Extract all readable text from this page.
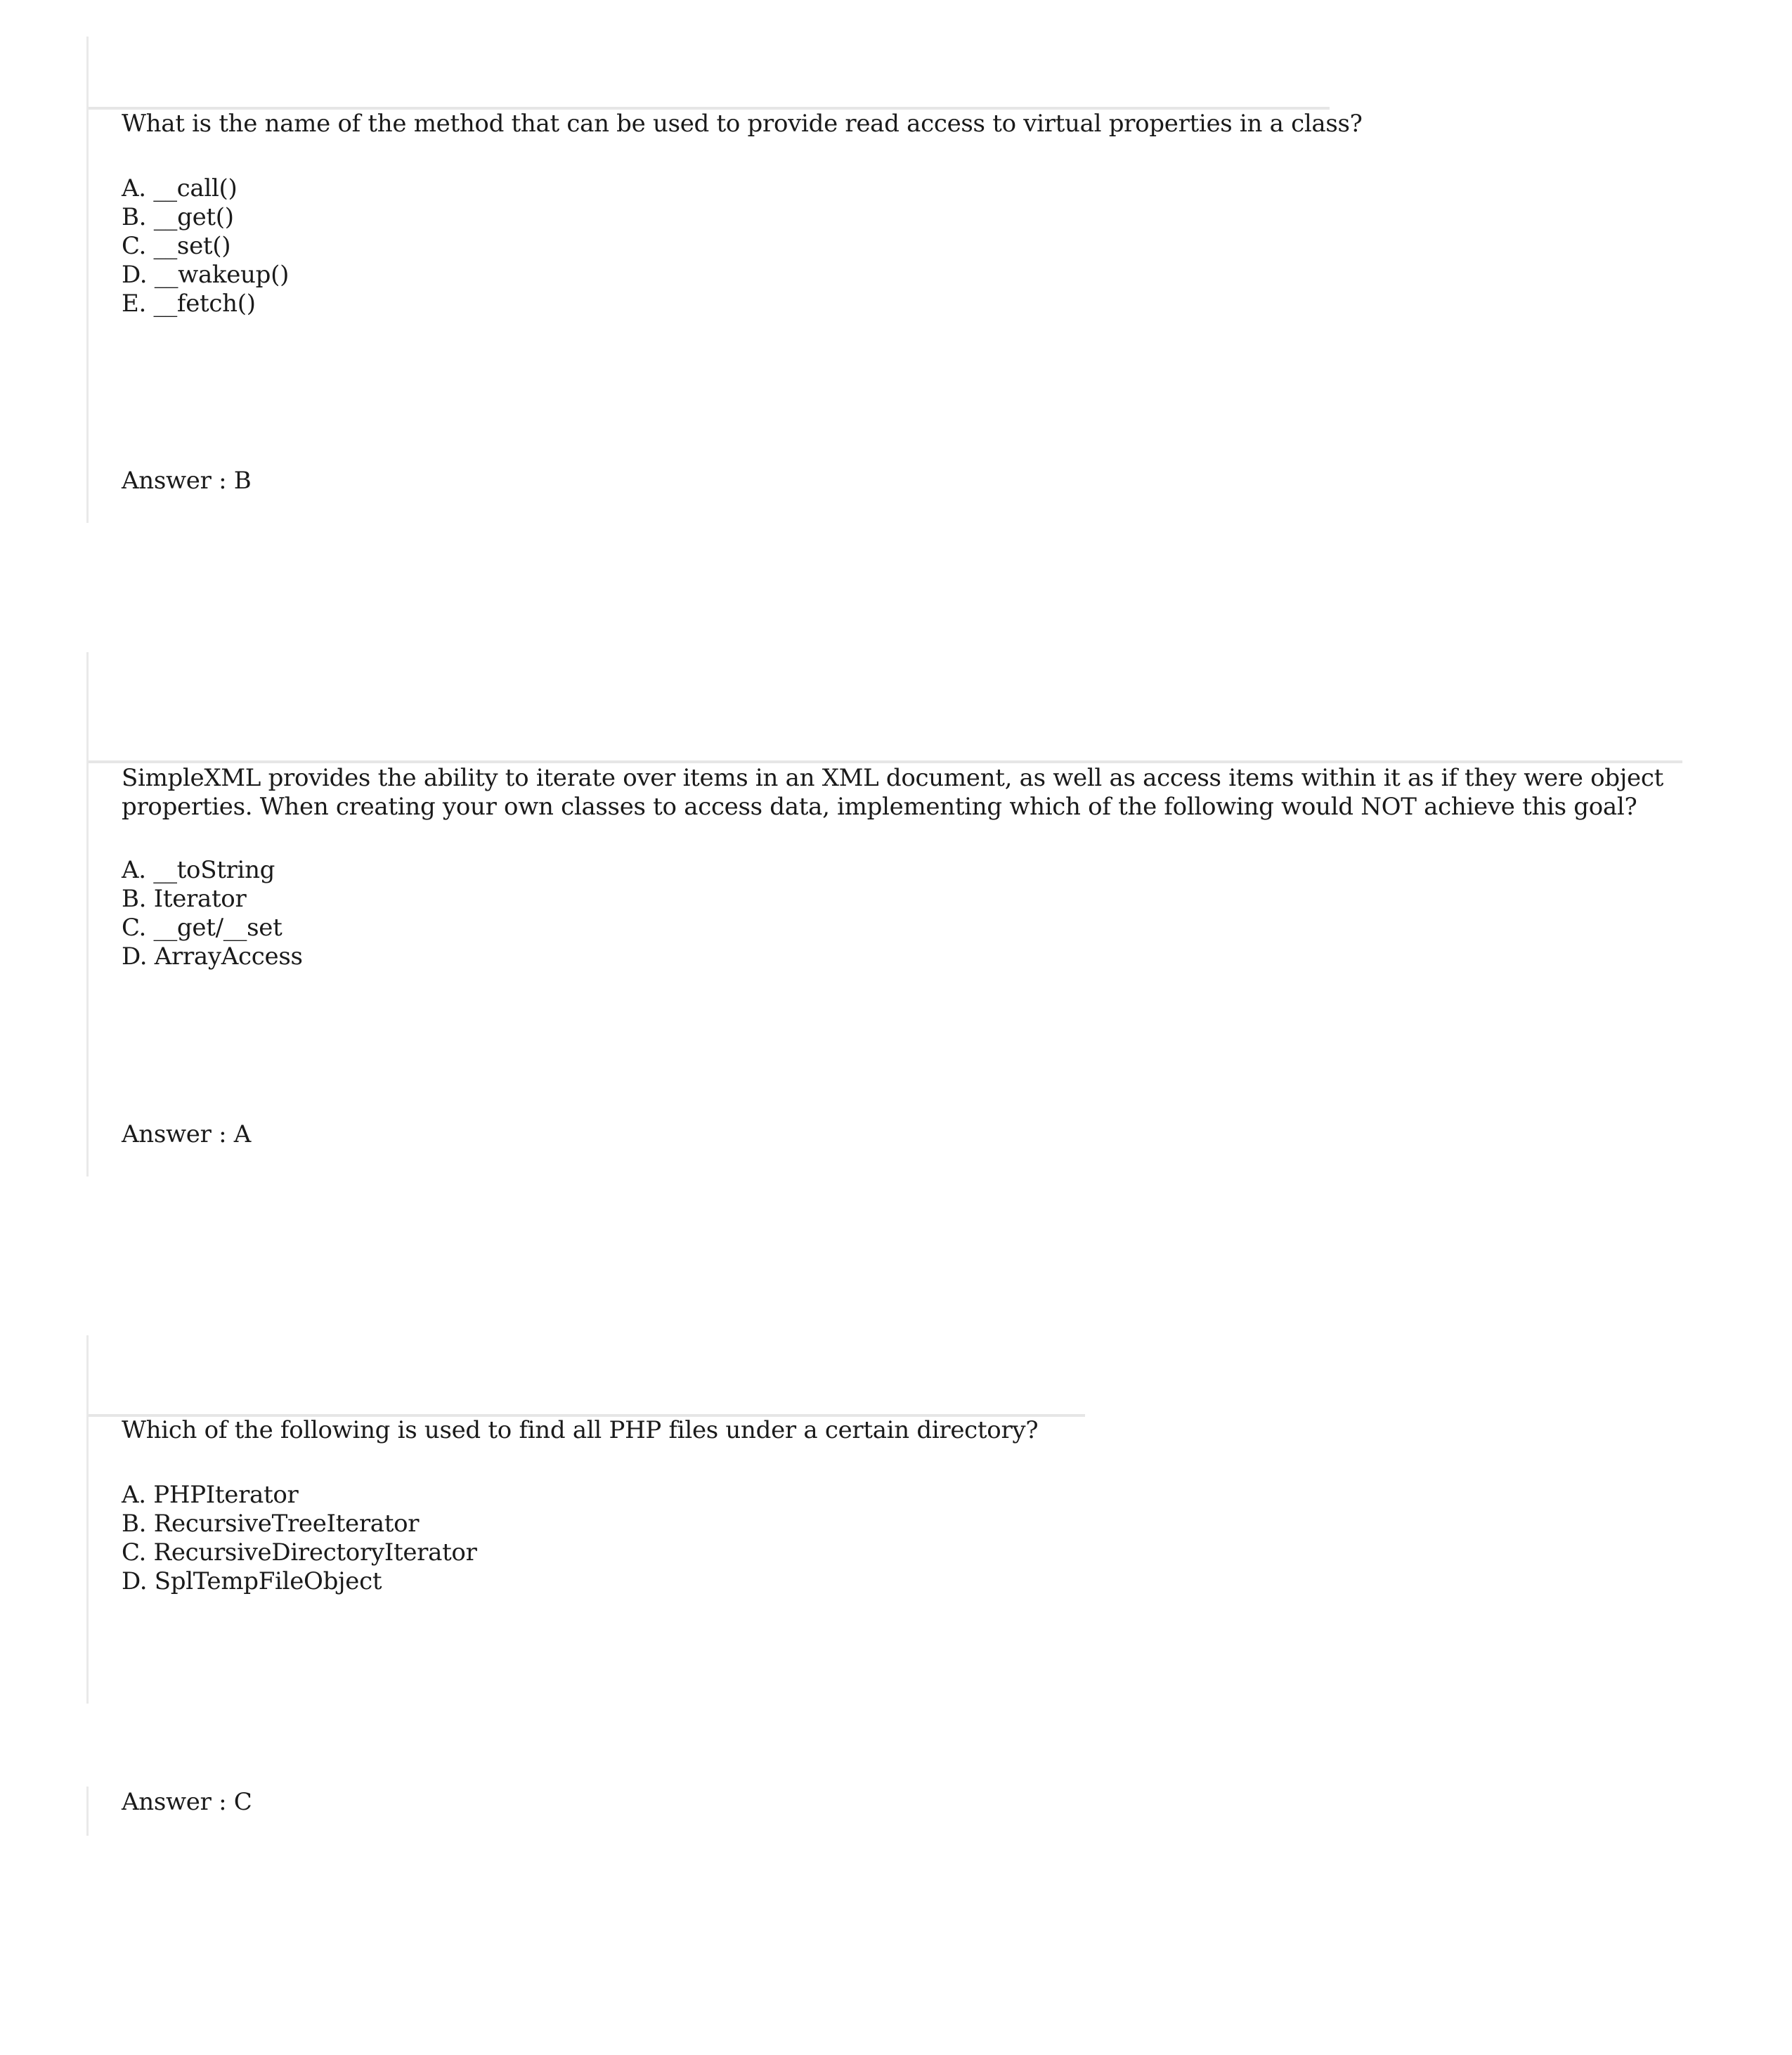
What is the name of the method that can be used to provide read access to virtual properties in a class?

A. __call()
B. __get()
C. __set()
D. __wakeup()
E. __fetch()

Answer : B

SimpleXML provides the ability to iterate over items in an XML document, as well as access items within it as if they were object properties. When creating your own classes to access data, implementing which of the following would NOT achieve this goal?

A. __toString
B. Iterator
C. __get/__set
D. ArrayAccess

Answer : A

Which of the following is used to find all PHP files under a certain directory?

A. PHPIterator
B. RecursiveTreeIterator
C. RecursiveDirectoryIterator
D. SplTempFileObject

Answer : C
